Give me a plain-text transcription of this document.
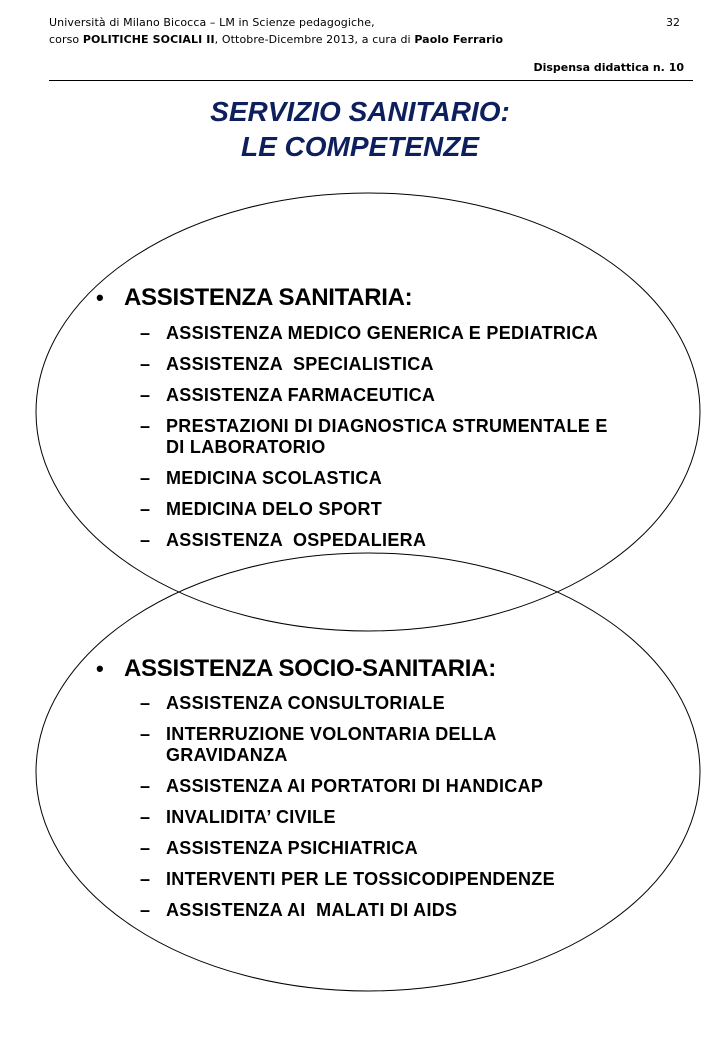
Università di Milano Bicocca – LM in Scienze pedagogiche,
corso POLITICHE SOCIALI II, Ottobre-Dicembre 2013, a cura di Paolo Ferrario
32
Dispensa didattica n. 10
SERVIZIO SANITARIO:
LE COMPETENZE
• ASSISTENZA SANITARIA:
– ASSISTENZA MEDICO GENERICA E PEDIATRICA
– ASSISTENZA  SPECIALISTICA
– ASSISTENZA FARMACEUTICA
– PRESTAZIONI DI DIAGNOSTICA STRUMENTALE E
DI LABORATORIO
– MEDICINA SCOLASTICA
– MEDICINA DELO SPORT
– ASSISTENZA  OSPEDALIERA
• ASSISTENZA SOCIO-SANITARIA:
– ASSISTENZA CONSULTORIALE
– INTERRUZIONE VOLONTARIA DELLA
GRAVIDANZA
– ASSISTENZA AI PORTATORI DI HANDICAP
– INVALIDITA’ CIVILE
– ASSISTENZA PSICHIATRICA
– INTERVENTI PER LE TOSSICODIPENDENZE
– ASSISTENZA AI  MALATI DI AIDS
